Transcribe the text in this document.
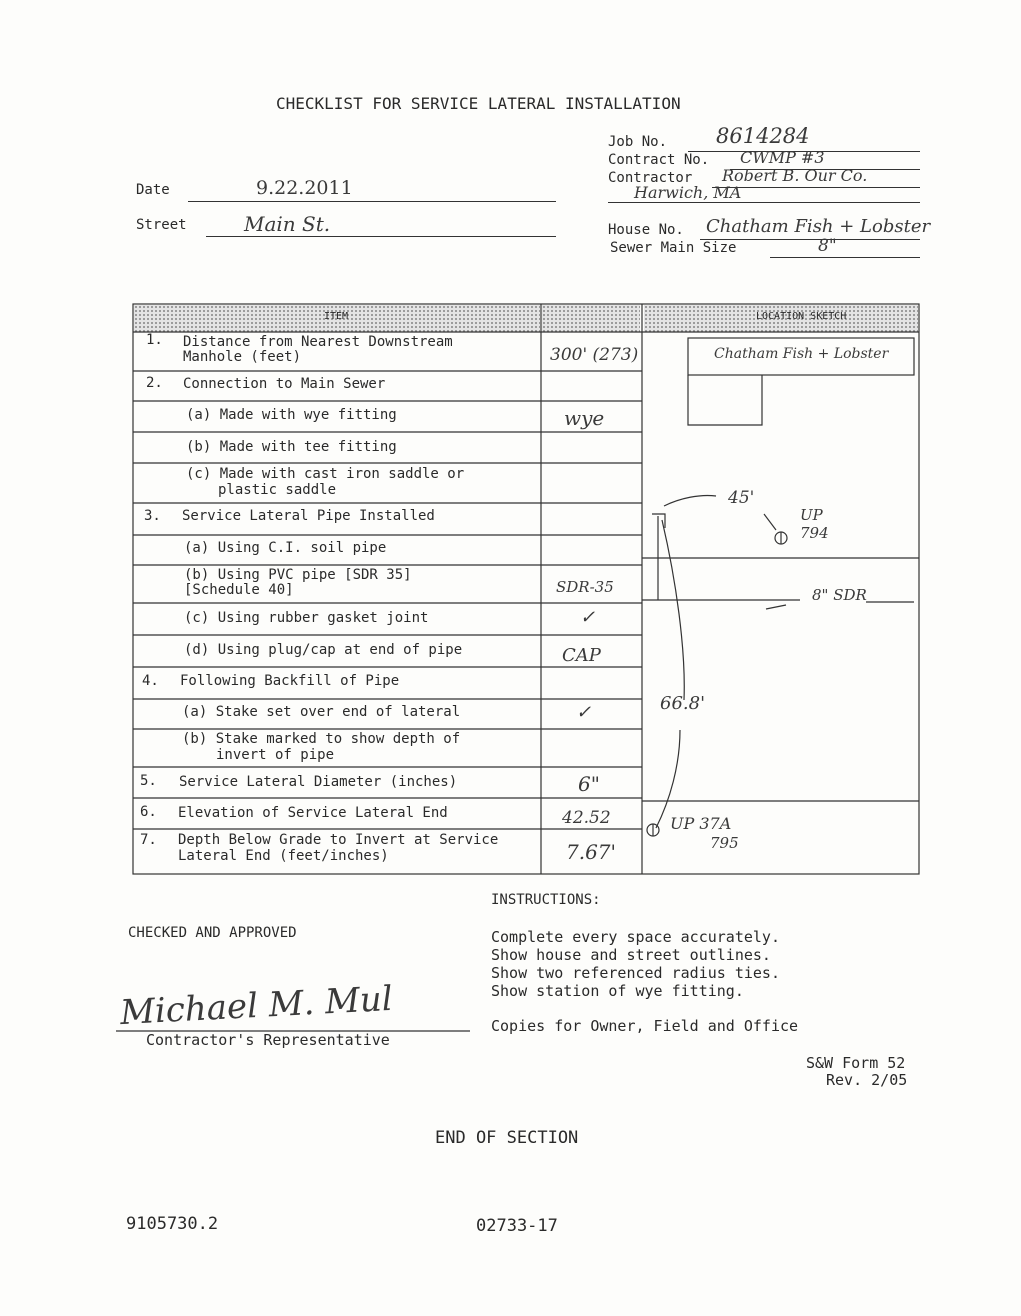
CHECKLIST FOR SERVICE LATERAL INSTALLATION
Job No. 8614284
Contract No. CWMP #3
Contractor Robert B. Our Co.
Harwich, MA
House No. Chatham Fish + Lobster
Sewer Main Size	8"
Date	9.22.2011
Street	Main St.
ITEM	LOCATION SKETCH
1. Distance from Nearest Downstream
Manhole (feet)	300' (273)
2. Connection to Main Sewer
(a) Made with wye fitting	wye
(b) Made with tee fitting
(c) Made with cast iron saddle or
plastic saddle
3. Service Lateral Pipe Installed
(a) Using C.I. soil pipe
(b) Using PVC pipe [SDR 35]
[Schedule 40]	SDR-35
(c) Using rubber gasket joint	✓
(d) Using plug/cap at end of pipe	CAP
4. Following Backfill of Pipe
(a) Stake set over end of lateral	✓
(b) Stake marked to show depth of
invert of pipe
5. Service Lateral Diameter (inches)	6"
6. Elevation of Service Lateral End	42.52
7. Depth Below Grade to Invert at Service
Lateral End (feet/inches)	7.67'
Chatham Fish + Lobster
45'
UP 794
8" SDR
66.8'
UP 37A
795
INSTRUCTIONS:
Complete every space accurately.
Show house and street outlines.
Show two referenced radius ties.
Show station of wye fitting.
Copies for Owner, Field and Office
CHECKED AND APPROVED
Michael M. Mul
Contractor's Representative
S&W Form 52
Rev. 2/05
END OF SECTION
9105730.2	02733-17
